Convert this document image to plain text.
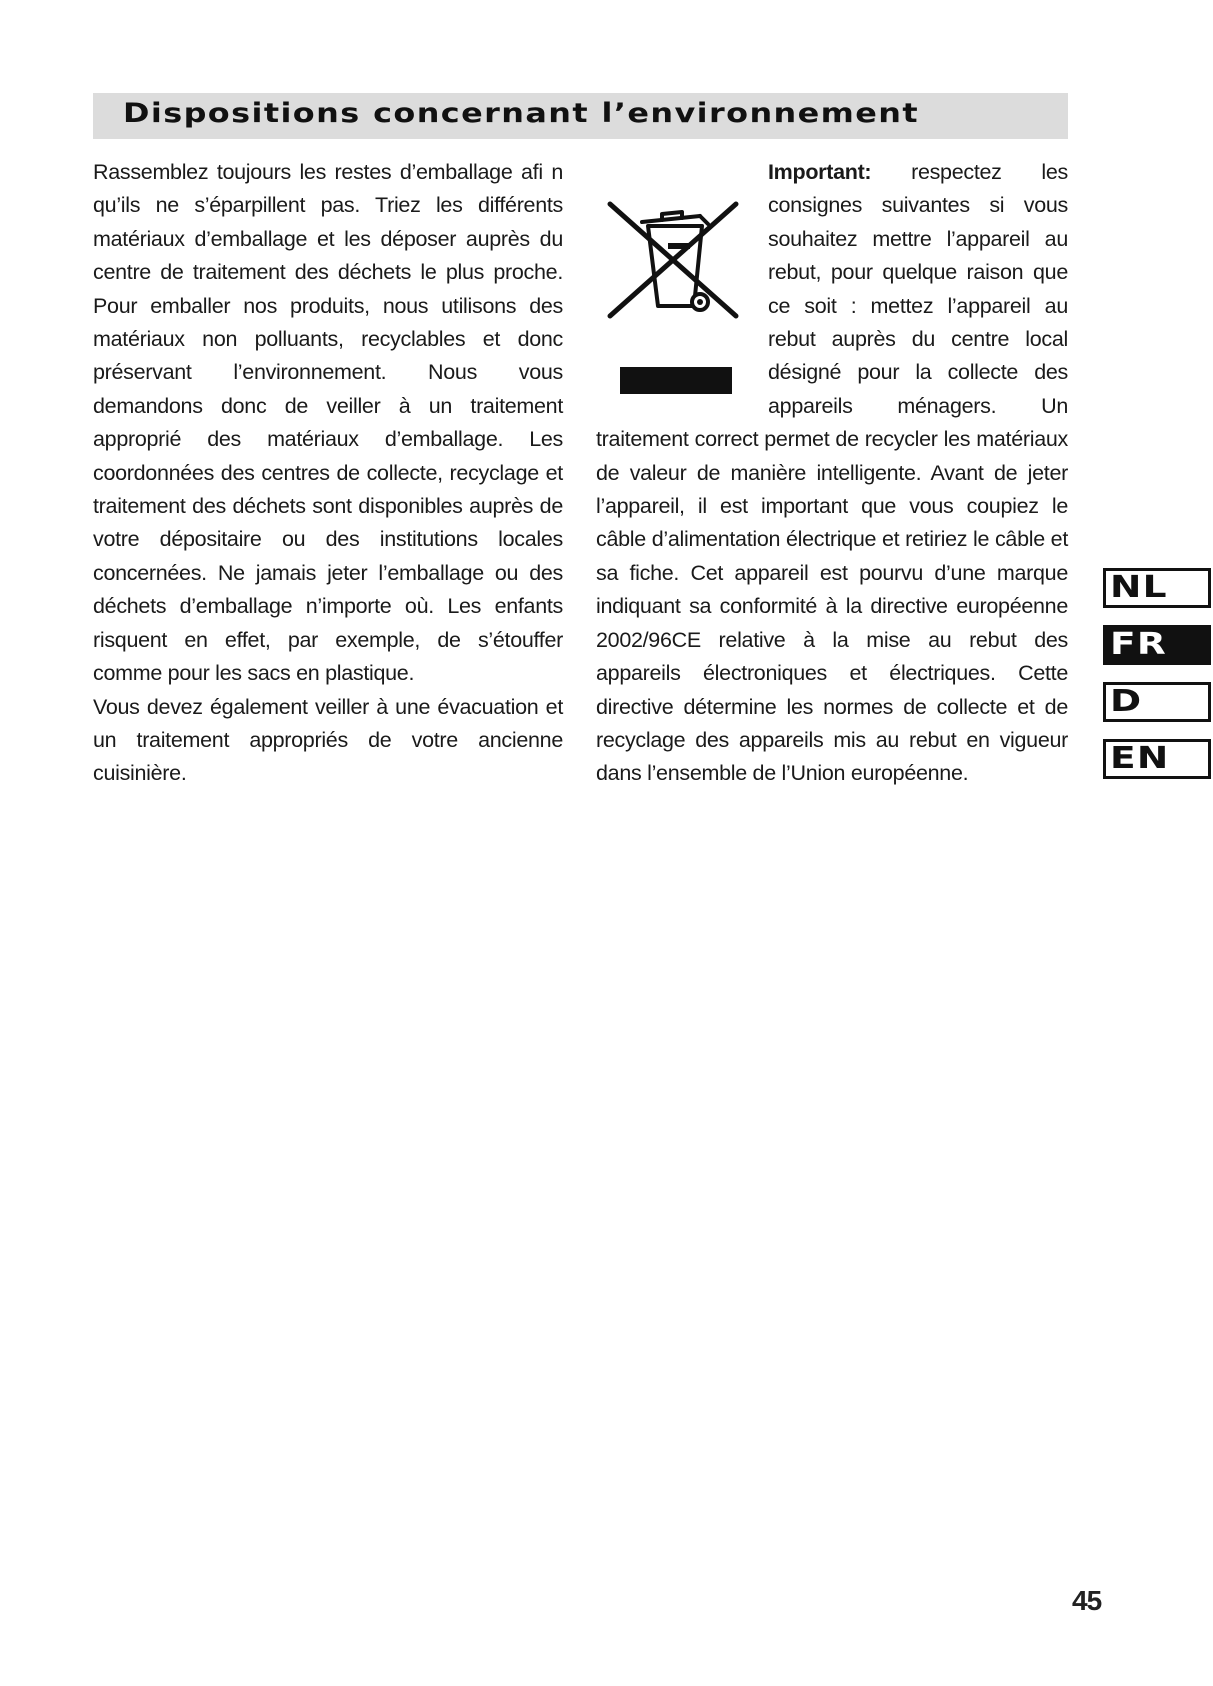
Dispositions concernant l’environnement

Rassemblez toujours les restes d’emballage afi n qu’ils ne s’éparpillent pas. Triez les différents matériaux d’emballage et les déposer auprès du centre de traitement des déchets le plus proche. Pour emballer nos produits, nous utilisons des matériaux non polluants, recyclables et donc préservant l’environnement. Nous vous demandons donc de veiller à un traitement approprié des matériaux d’emballage. Les coordonnées des centres de collecte, recyclage et traitement des déchets sont disponibles auprès de votre dépositaire ou des institutions locales concernées. Ne jamais jeter l’emballage ou des déchets d’emballage n’importe où. Les enfants risquent en effet, par exemple, de s’étouffer comme pour les sacs en plastique.

Vous devez également veiller à une évacuation et un traitement appropriés de votre ancienne cuisinière.

Important: respectez les consignes suivantes si vous souhaitez mettre l’appareil au rebut, pour quelque raison que ce soit : mettez l’appareil au rebut auprès du centre local désigné pour la collecte des appareils ménagers. Un traitement correct permet de recycler les matériaux de valeur de manière intelligente. Avant de jeter l’appareil, il est important que vous coupiez le câble d’alimentation électrique et retiriez le câble et sa fiche. Cet appareil est pourvu d’une marque indiquant sa conformité à la directive européenne 2002/96CE relative à la mise au rebut des appareils électroniques et électriques. Cette directive détermine les normes de collecte et de recyclage des appareils mis au rebut en vigueur dans l’ensemble de l’Union européenne.

NL
FR
D
EN

45
